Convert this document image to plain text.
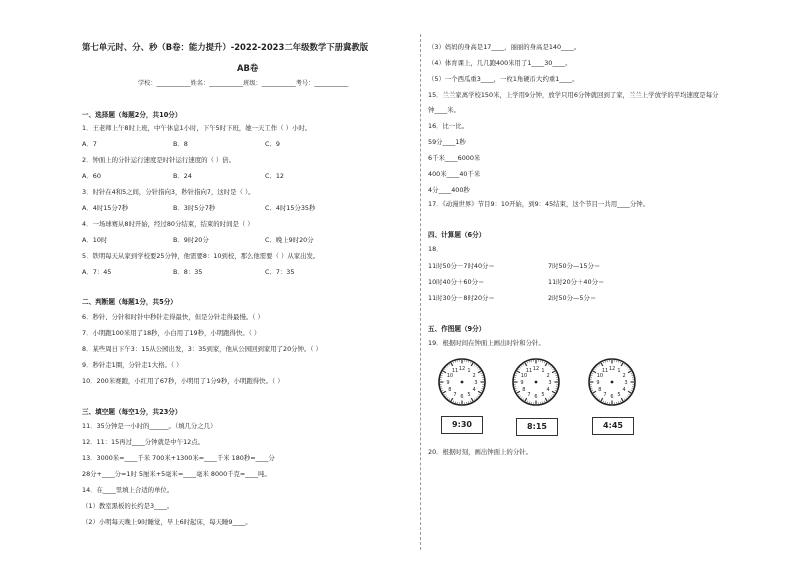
第七单元时、分、秒（B卷：能力提升）-2022-2023二年级数学下册冀教版
AB卷
学校：___________姓名：___________班级：___________考号：___________
一、选择题（每题2分，共10分）
1．王老师上午8时上班，中午休息1小时，下午5时下班，她一天工作（ ）小时。
A．7	B．8	C．9
2．钟面上的分针运行速度是时针运行速度的（ ）倍。
A．60	B．24	C．12
3．时针在4和5之间，分针指向3，秒针指向7，这时是（ ）。
A．4时15分7秒	B．3时5分7秒	C．4时15分35秒
4．一场球赛从8时开始，经过80分结束，结束的时间是（ ）
A．10时	B．9时20分	C．晚上9时20分
5．铁明每天从家到学校要25分钟，他需要8：10到校，那么他需要（ ）从家出发。
A．7：45	B．8：35	C．7：35
二、判断题（每题1分，共5分）
6．秒针、分针和时针中秒针走得最快，但是分针走得最慢。（ ）
7．小明跑100米用了18秒，小白用了19秒，小明跑得快。（ ）
8．某些周日下午3：15从公园出发，3：35到家，他从公园回到家用了20分钟。（ ）
9．秒针走1圈，分针走1大格。（ ）
10．200米赛跑，小红用了67秒，小明用了1分9秒，小明跑得快。（ ）
三、填空题（每空1分，共23分）
11．35分钟是一小时的______。（填几分之几）
12．11：15再过____分钟就是中午12点。
13．3000米=____千米 700米+1300米=____千米 180秒=____分
28分+____分=1时 5厘米+5毫米=____毫米 8000千克=____吨。
14．在____里填上合适的单位。
（1）教室黑板的长约是3____。
（2）小明每天晚上9时睡觉，早上6时起床，每天睡9____。
（3）妈妈的身高是17____，丽丽的身高是140____。
（4）体育课上，几几跑400米用了1____30____。
（5）一个西瓜重3____，一枚1角硬币大约重1____。
15．兰兰家离学校150米，上学用9分钟，放学只用6分钟就回到了家，兰兰上学放学的平均速度是每分
钟____米。
16．比一比。
59分____1秒
6千米____6000米
400米____40千米
4分____400秒
17．《动漫世界》节目9：10开始，到9：45结束，这个节目一共用____分钟。
四、计算题（6分）
18．
11时50分－7时40分＝	7时50分—15分＝
10时40分＋60分＝	11时20分＋40分＝
11时30分－8时20分＝	2时50分—5分＝
五、作图题（9分）
19．根据时间在钟面上画出时针和分针。
1
2
3
4
5
6
7
8
9
10
11 12	1
2
3
4
5
6
7
8
9
10
11 12	1
2
3
4
5
6
7
8
9
10
11 12
9:30	8:15	4:45
20．根据时刻，画出钟面上的分针。
